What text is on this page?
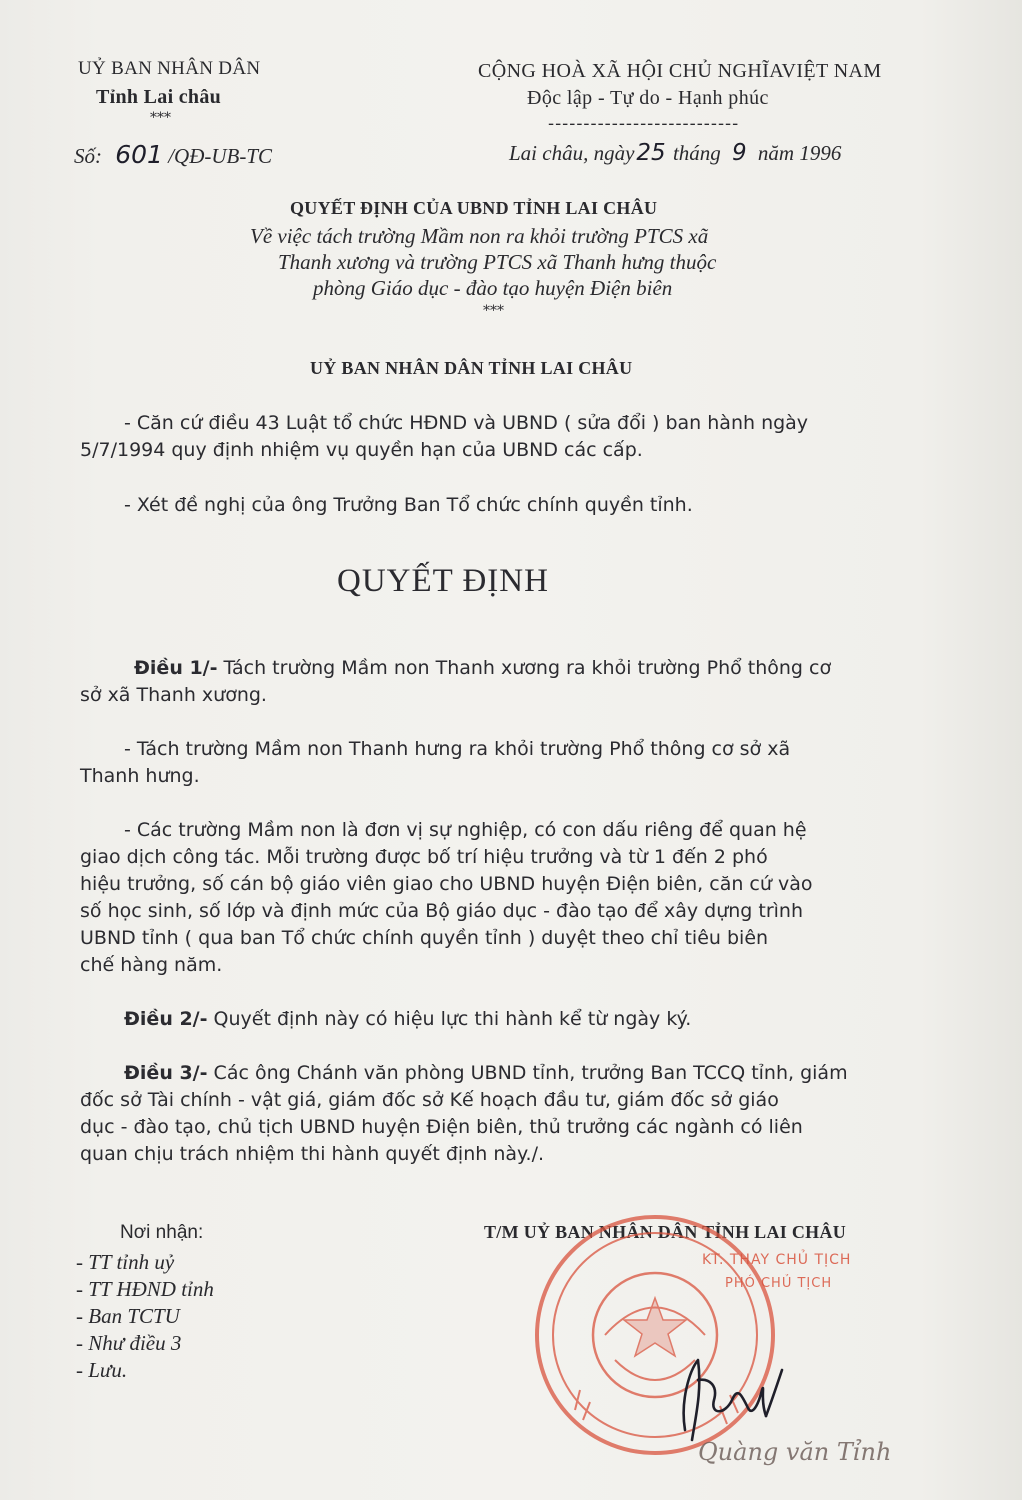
UỶ BAN NHÂN DÂN
Tỉnh Lai châu
***
Số: 601 /QĐ-UB-TC
CỘNG HOÀ XÃ HỘI CHỦ NGHĨAVIỆT NAM
Độc lập - Tự do - Hạnh phúc
---------------------------
Lai châu, ngày25 tháng 9 năm 1996
QUYẾT ĐỊNH CỦA UBND TỈNH LAI CHÂU
Về việc tách trường Mầm non ra khỏi trường PTCS xã
Thanh xương và trường PTCS xã Thanh hưng thuộc
phòng Giáo dục - đào tạo huyện Điện biên
***
UỶ BAN NHÂN DÂN TỈNH LAI CHÂU
- Căn cứ điều 43 Luật tổ chức HĐND và UBND ( sửa đổi ) ban hành ngày
5/7/1994 quy định nhiệm vụ quyền hạn của UBND các cấp.
- Xét đề nghị của ông Trưởng Ban Tổ chức chính quyền tỉnh.
QUYẾT ĐỊNH
Điều 1/- Tách trường Mầm non Thanh xương ra khỏi trường Phổ thông cơ
sở xã Thanh xương.
- Tách trường Mầm non Thanh hưng ra khỏi trường Phổ thông cơ sở xã
Thanh hưng.
- Các trường Mầm non là đơn vị sự nghiệp, có con dấu riêng để quan hệ
giao dịch công tác. Mỗi trường được bố trí hiệu trưởng và từ 1 đến 2 phó
hiệu trưởng, số cán bộ giáo viên giao cho UBND huyện Điện biên, căn cứ vào
số học sinh, số lớp và định mức của Bộ giáo dục - đào tạo để xây dựng trình
UBND tỉnh ( qua ban Tổ chức chính quyền tỉnh ) duyệt theo chỉ tiêu biên
chế hàng năm.
Điều 2/- Quyết định này có hiệu lực thi hành kể từ ngày ký.
Điều 3/- Các ông Chánh văn phòng UBND tỉnh, trưởng Ban TCCQ tỉnh, giám
đốc sở Tài chính - vật giá, giám đốc sở Kế hoạch đầu tư, giám đốc sở giáo
dục - đào tạo, chủ tịch UBND huyện Điện biên, thủ trưởng các ngành có liên
quan chịu trách nhiệm thi hành quyết định này./.
Nơi nhận:
- TT tỉnh uỷ
- TT HĐND tỉnh
- Ban TCTU
- Như điều 3
- Lưu.
T/M UỶ BAN NHÂN DÂN TỈNH LAI CHÂU
KT. THAY CHỦ TỊCH
PHÓ CHỦ TỊCH
Quàng văn Tỉnh
